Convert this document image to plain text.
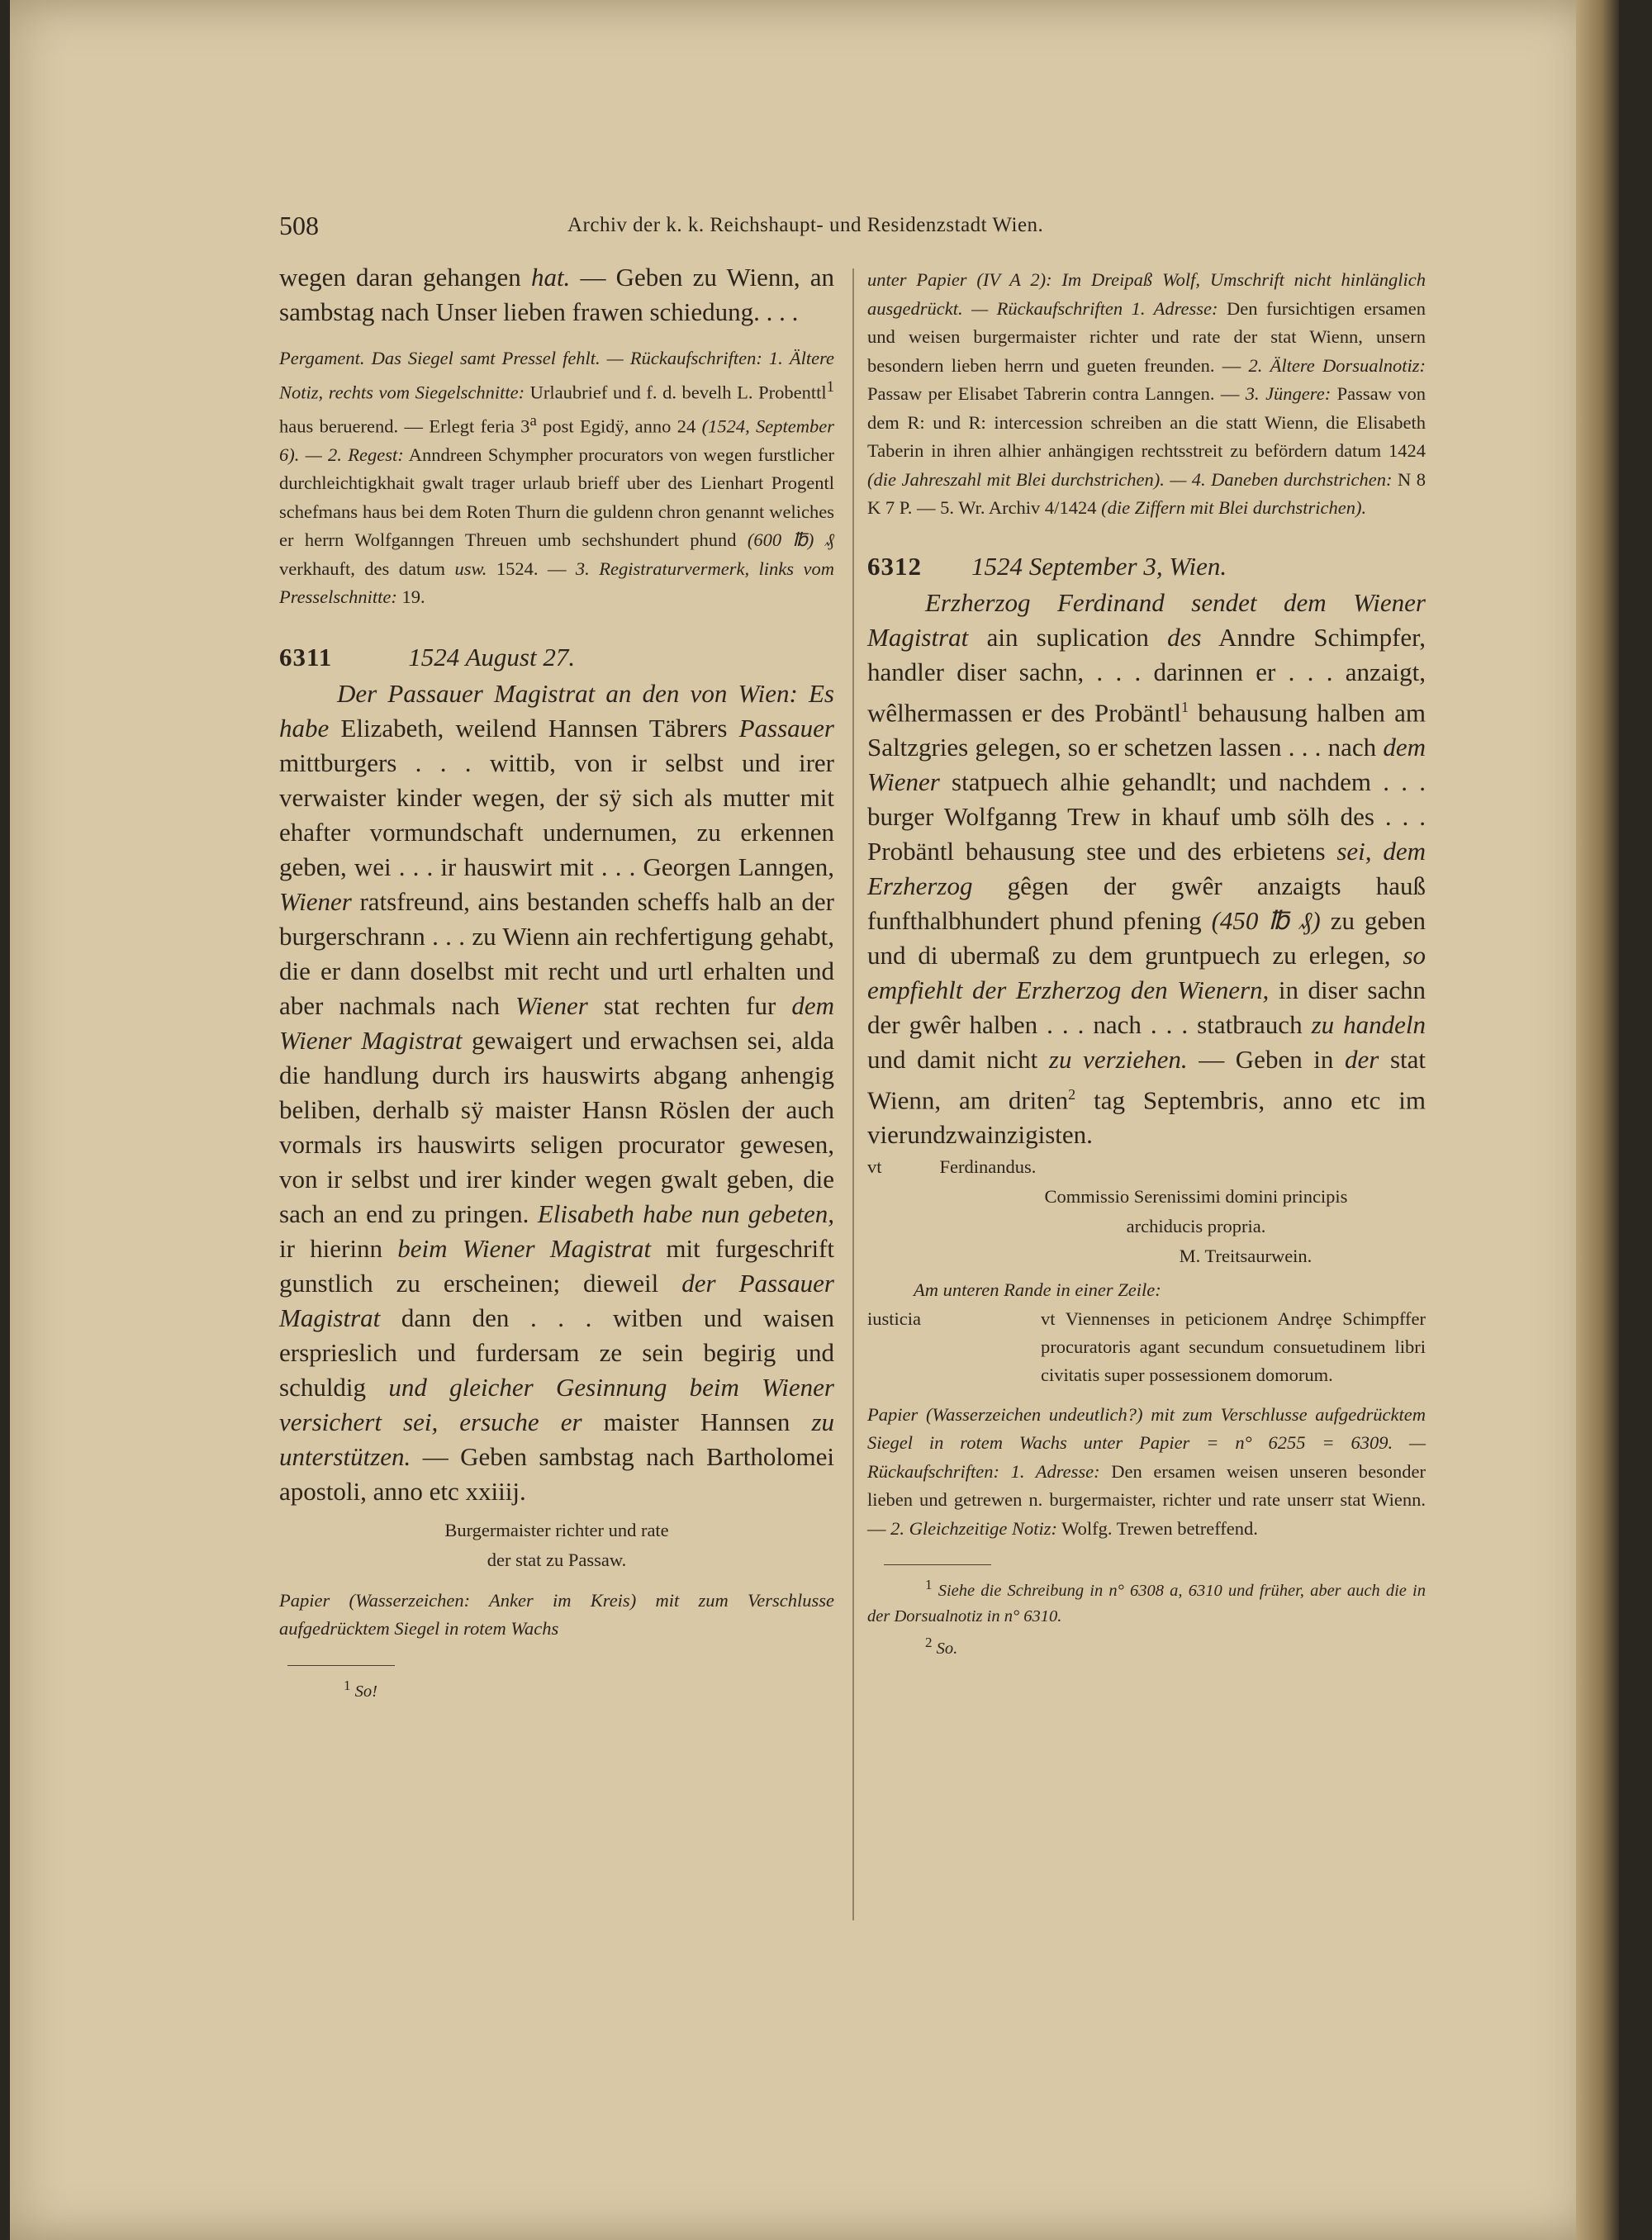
508	Archiv der k. k. Reichshaupt- und Residenzstadt Wien.

wegen daran gehangen hat. — Geben zu Wienn, an sambstag nach Unser lieben frawen schiedung. . . .

Pergament. Das Siegel samt Pressel fehlt. — Rückaufschriften: 1. Ältere Notiz, rechts vom Siegelschnitte: Urlaubrief und f. d. bevelh L. Probenttl$^1$ haus beruerend. — Erlegt feria 3$^a$ post Egidӱ, anno 24 (1524, September 6). — 2. Regest: Anndreen Schympher procurators von wegen furstlicher durchleichtigkhait gwalt trager urlaub brieff uber des Lienhart Progentl schefmans haus bei dem Roten Thurn die guldenn chron genannt weliches er herrn Wolfganngen Threuen umb sechshundert phund (600 ℔) ₰ verkhauft, des datum usw. 1524. — 3. Registraturvermerk, links vom Presselschnitte: 19.

6311	1524 August 27.

Der Passauer Magistrat an den von Wien: Es habe Elizabeth, weilend Hannsen Täbrers Passauer mittburgers . . . wittib, von ir selbst und irer verwaister kinder wegen, der sӱ sich als mutter mit ehafter vormundschaft undernumen, zu erkennen geben, wei . . . ir hauswirt mit . . . Georgen Lanngen, Wiener ratsfreund, ains bestanden scheffs halb an der burgerschrann . . . zu Wienn ain rechfertigung gehabt, die er dann doselbst mit recht und urtl erhalten und aber nachmals nach Wiener stat rechten fur dem Wiener Magistrat gewaigert und erwachsen sei, alda die handlung durch irs hauswirts abgang anhengig beliben, derhalb sӱ maister Hansn Röslen der auch vormals irs hauswirts seligen procurator gewesen, von ir selbst und irer kinder wegen gwalt geben, die sach an end zu pringen. Elisabeth habe nun gebeten, ir hierinn beim Wiener Magistrat mit furgeschrift gunstlich zu erscheinen; dieweil der Passauer Magistrat dann den . . . witben und waisen erspriеslich und furdersam ze sein begirig und schuldig und gleicher Gesinnung beim Wiener versichert sei, ersuche er maister Hannsen zu unterstützen. — Geben sambstag nach Bartholomei apostoli, anno etc xxiiij.

Burgermaister richter und rate
der stat zu Passaw.

Papier (Wasserzeichen: Anker im Kreis) mit zum Verschlusse aufgedrücktem Siegel in rotem Wachs

$^1$ So!

unter Papier (IV A 2): Im Dreipaß Wolf, Umschrift nicht hinlänglich ausgedrückt. — Rückaufschriften 1. Adresse: Den fursichtigen ersamen und weisen burgermaister richter und rate der stat Wienn, unsern besondern lieben herrn und gueten freunden. — 2. Ältere Dorsualnotiz: Passaw per Elisabet Tabrerin contra Lanngen. — 3. Jüngere: Passaw von dem R: und R: intercession schreiben an die statt Wienn, die Elisabeth Taberin in ihren alhier anhängigen rechtsstreit zu befördern datum 1424 (die Jahreszahl mit Blei durchstrichen). — 4. Daneben durchstrichen: N 8 K 7 P. — 5. Wr. Archiv 4/1424 (die Ziffern mit Blei durchstrichen).

6312 1524 September 3, Wien.

Erzherzog Ferdinand sendet dem Wiener Magistrat ain suplication des Anndre Schimpfer, handler diser sachn, . . . darinnen er . . . anzaigt, wêlhermassen er des Probäntl$^1$ behausung halben am Saltzgries gelegen, so er schetzen lassen . . . nach dem Wiener statpuech alhie gehandlt; und nachdem . . . burger Wolfganng Trew in khauf umb sölh des . . . Probäntl behausung stee und des erbietens sei, dem Erzherzog gêgen der gwêr anzaigts hauß funfthalbhundert phund pfening (450 ℔ ₰) zu geben und di ubermaß zu dem gruntpuech zu erlegen, so empfiehlt der Erzherzog den Wienern, in diser sachn der gwêr halben . . . nach . . . statbrauch zu handeln und damit nicht zu verziehen. — Geben in der stat Wienn, am driten$^2$ tag Septembris, anno etc im vierundzwainzigisten.

vt	Ferdinandus.
Commissio Serenissimi domini principis
archiducis propria.
M. Treitsaurwein.

Am unteren Rande in einer Zeile:

iusticia	vt Viennenses in peticionem Andrȩe Schimpffer procuratoris agant secundum consuetudinem libri civitatis super possessionem domorum.

Papier (Wasserzeichen undeutlich?) mit zum Verschlusse aufgedrücktem Siegel in rotem Wachs unter Papier = n° 6255 = 6309. — Rückaufschriften: 1. Adresse: Den ersamen weisen unseren besonder lieben und getrewen n. burgermaister, richter und rate unserr stat Wienn. — 2. Gleichzeitige Notiz: Wolfg. Trewen betreffend.

$^1$ Siehe die Schreibung in n° 6308 a, 6310 und früher, aber auch die in der Dorsualnotiz in n° 6310.

$^2$ So.
